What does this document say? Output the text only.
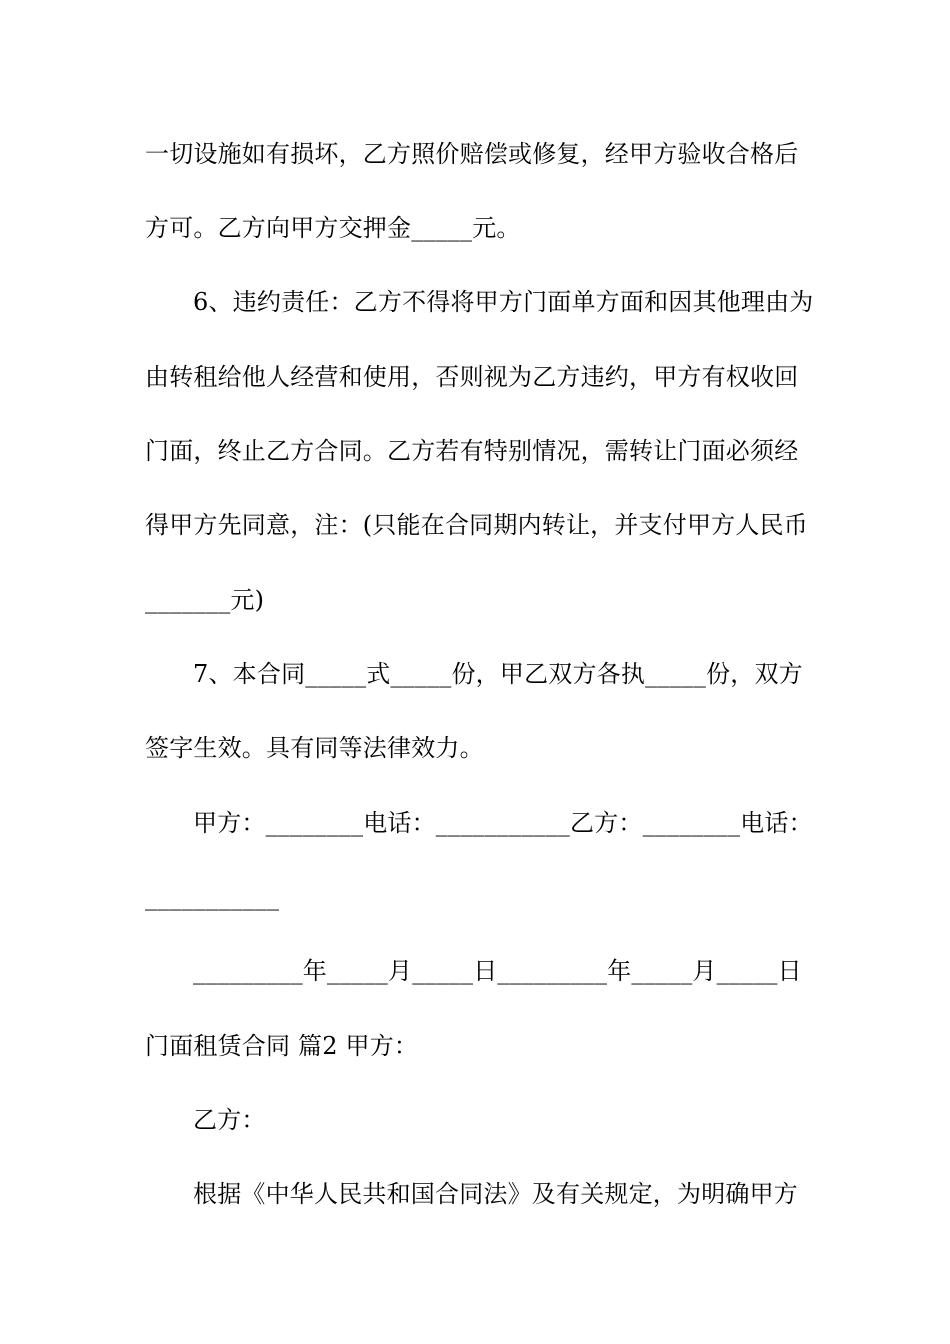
一切设施如有损坏，乙方照价赔偿或修复，经甲方验收合格后
方可。乙方向甲方交押金_____元。
6、违约责任：乙方不得将甲方门面单方面和因其他理由为
由转租给他人经营和使用，否则视为乙方违约，甲方有权收回
门面，终止乙方合同。乙方若有特别情况，需转让门面必须经
得甲方先同意，注：(只能在合同期内转让，并支付甲方人民币
_______元)
7、本合同_____式_____份，甲乙双方各执_____份，双方
签字生效。具有同等法律效力。
甲方：________电话：___________乙方：________电话：
___________
_________年_____月_____日_________年_____月_____日
门面租赁合同 篇2 甲方：
乙方：
根据《中华人民共和国合同法》及有关规定，为明确甲方
